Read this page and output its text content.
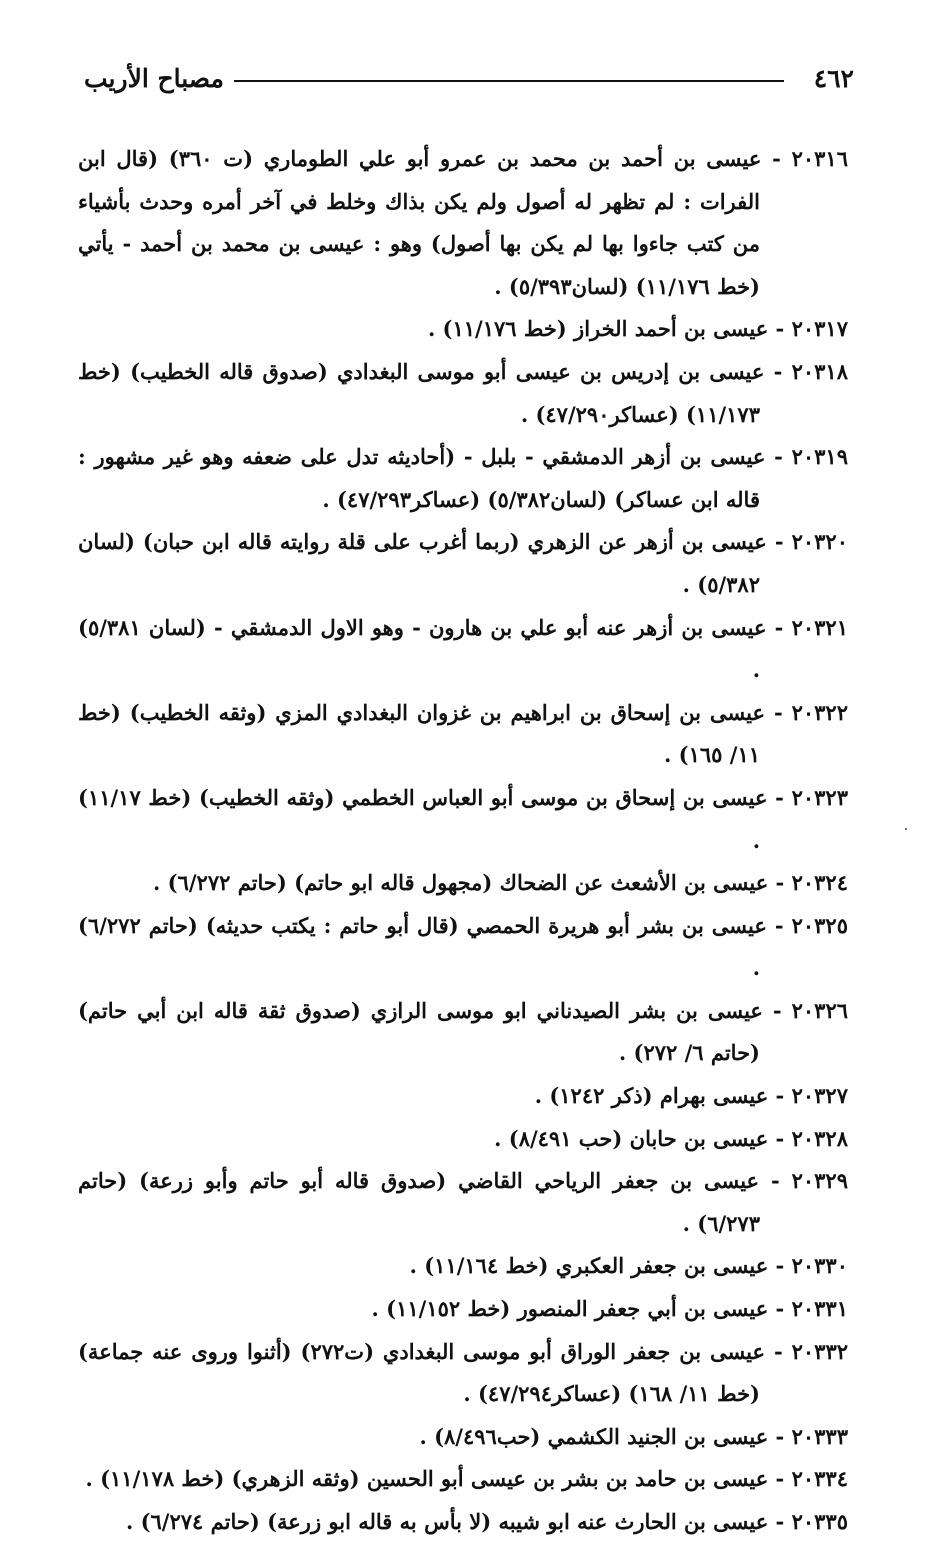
٤٦٢
مصباح الأريب

٢٠٣١٦ - عيسى بن أحمد بن محمد بن عمرو أبو علي الطوماري (ت ٣٦٠) (قال ابن الفرات : لم تظهر له أصول ولم يكن بذاك وخلط في آخر أمره وحدث بأشياء من كتب جاءوا بها لم يكن بها أصول) وهو : عيسى بن محمد بن أحمد - يأتي (خط ١١/١٧٦) (لسان٥/٣٩٣) .

٢٠٣١٧ - عيسى بن أحمد الخراز (خط ١١/١٧٦) .

٢٠٣١٨ - عيسى بن إدريس بن عيسى أبو موسى البغدادي (صدوق قاله الخطيب) (خط ١١/١٧٣) (عساكر٤٧/٢٩٠) .

٢٠٣١٩ - عيسى بن أزهر الدمشقي - بلبل - (أحاديثه تدل على ضعفه وهو غير مشهور : قاله ابن عساكر) (لسان٥/٣٨٢) (عساكر٤٧/٢٩٣) .

٢٠٣٢٠ - عيسى بن أزهر عن الزهري (ربما أغرب على قلة روايته قاله ابن حبان) (لسان ٥/٣٨٢) .

٢٠٣٢١ - عيسى بن أزهر عنه أبو علي بن هارون - وهو الاول الدمشقي - (لسان ٥/٣٨١) .

٢٠٣٢٢ - عيسى بن إسحاق بن ابراهيم بن غزوان البغدادي المزي (وثقه الخطيب) (خط ١١/ ١٦٥) .

٢٠٣٢٣ - عيسى بن إسحاق بن موسى أبو العباس الخطمي (وثقه الخطيب) (خط ١١/١٧) .

٢٠٣٢٤ - عيسى بن الأشعث عن الضحاك (مجهول قاله ابو حاتم) (حاتم ٦/٢٧٢) .

٢٠٣٢٥ - عيسى بن بشر أبو هريرة الحمصي (قال أبو حاتم : يكتب حديثه) (حاتم ٦/٢٧٢) .

٢٠٣٢٦ - عيسى بن بشر الصيدناني ابو موسى الرازي (صدوق ثقة قاله ابن أبي حاتم) (حاتم ٦/ ٢٧٢) .

٢٠٣٢٧ - عيسى بهرام (ذكر ١٢٤٢) .

٢٠٣٢٨ - عيسى بن حابان (حب ٨/٤٩١) .

٢٠٣٢٩ - عيسى بن جعفر الرياحي القاضي (صدوق قاله أبو حاتم وأبو زرعة) (حاتم ٦/٢٧٣) .

٢٠٣٣٠ - عيسى بن جعفر العكبري (خط ١١/١٦٤) .

٢٠٣٣١ - عيسى بن أبي جعفر المنصور (خط ١١/١٥٢) .

٢٠٣٣٢ - عيسى بن جعفر الوراق أبو موسى البغدادي (ت٢٧٢) (أثنوا وروى عنه جماعة) (خط ١١/ ١٦٨) (عساكر٤٧/٢٩٤) .

٢٠٣٣٣ - عيسى بن الجنيد الكشمي (حب٨/٤٩٦) .

٢٠٣٣٤ - عيسى بن حامد بن بشر بن عيسى أبو الحسين (وثقه الزهري) (خط ١١/١٧٨) .

٢٠٣٣٥ - عيسى بن الحارث عنه ابو شيبه (لا بأس به قاله ابو زرعة) (حاتم ٦/٢٧٤) .
